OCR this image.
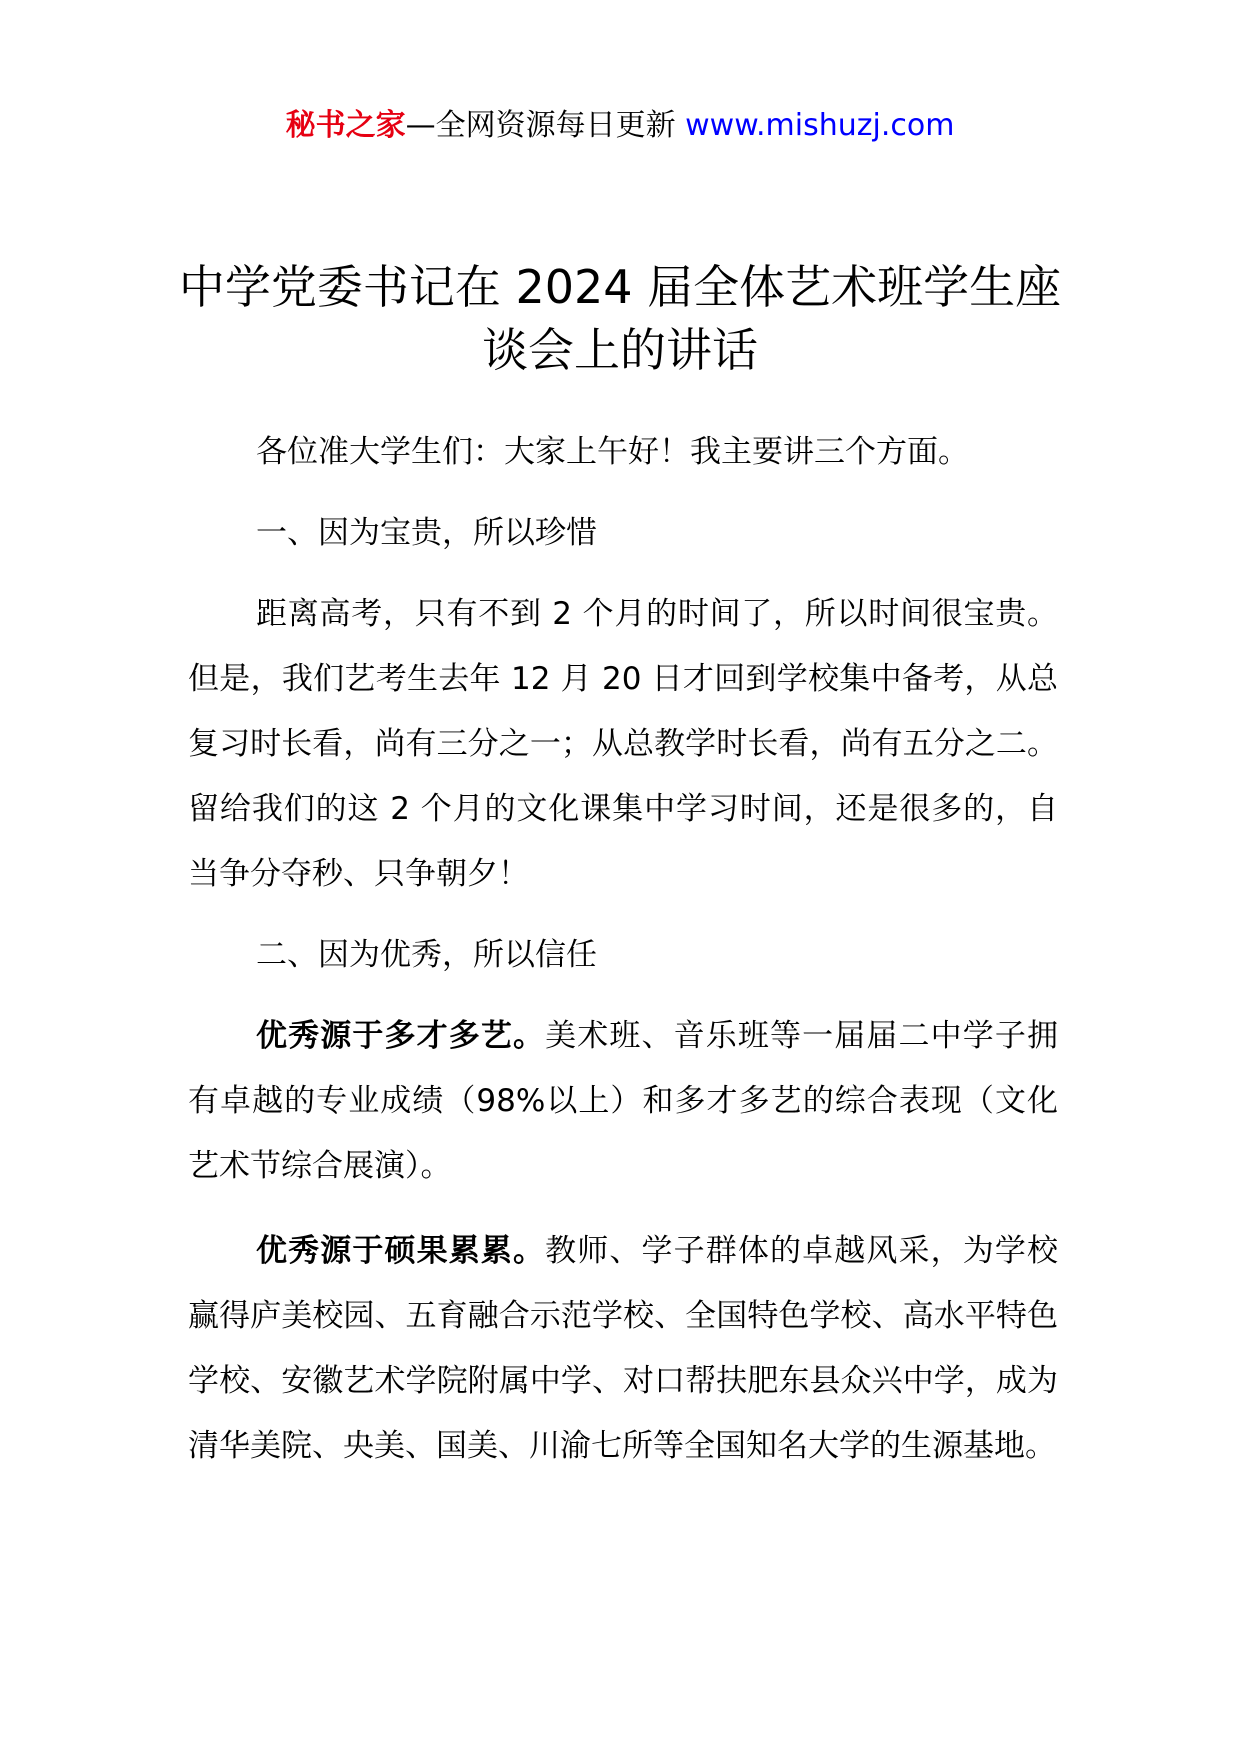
秘书之家—全网资源每日更新 www.mishuzj.com
中学党委书记在 2024 届全体艺术班学生座
谈会上的讲话

各位准大学生们：大家上午好！我主要讲三个方面。

一、因为宝贵，所以珍惜

距离高考，只有不到 2 个月的时间了，所以时间很宝贵。但是，我们艺考生去年 12 月 20 日才回到学校集中备考，从总复习时长看，尚有三分之一；从总教学时长看，尚有五分之二。留给我们的这 2 个月的文化课集中学习时间，还是很多的，自当争分夺秒、只争朝夕！

二、因为优秀，所以信任

优秀源于多才多艺。美术班、音乐班等一届届二中学子拥有卓越的专业成绩（98%以上）和多才多艺的综合表现（文化艺术节综合展演）。

优秀源于硕果累累。教师、学子群体的卓越风采，为学校赢得庐美校园、五育融合示范学校、全国特色学校、高水平特色学校、安徽艺术学院附属中学、对口帮扶肥东县众兴中学，成为清华美院、央美、国美、川渝七所等全国知名大学的生源基地。
